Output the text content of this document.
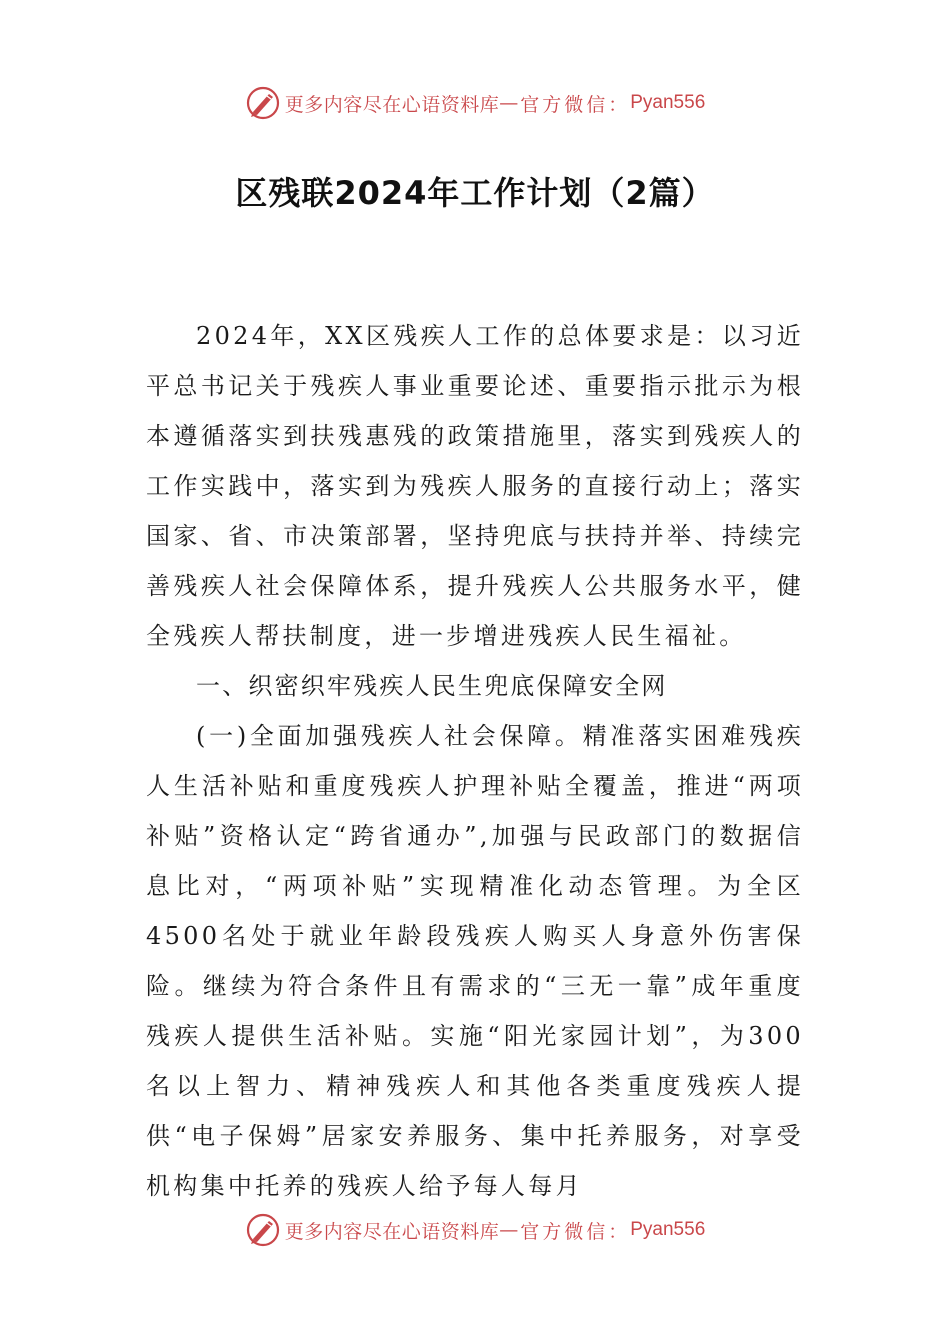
更多内容尽在心语资料库 — 官方微信： Pyan556
区残联2024年工作计划（2篇）

2024年，XX区残疾人工作的总体要求是：以习近平总书记关于残疾人事业重要论述、重要指示批示为根本遵循落实到扶残惠残的政策措施里，落实到残疾人的工作实践中，落实到为残疾人服务的直接行动上；落实国家、省、市决策部署，坚持兜底与扶持并举、持续完善残疾人社会保障体系，提升残疾人公共服务水平，健全残疾人帮扶制度，进一步增进残疾人民生福祉。

一、织密织牢残疾人民生兜底保障安全网

(一)全面加强残疾人社会保障。精准落实困难残疾人生活补贴和重度残疾人护理补贴全覆盖，推进“两项补贴”资格认定“跨省通办”,加强与民政部门的数据信息比对，“两项补贴”实现精准化动态管理。为全区4500名处于就业年龄段残疾人购买人身意外伤害保险。继续为符合条件且有需求的“三无一靠”成年重度残疾人提供生活补贴。实施“阳光家园计划”，为300名以上智力、精神残疾人和其他各类重度残疾人提供“电子保姆”居家安养服务、集中托养服务，对享受机构集中托养的残疾人给予每人每月

更多内容尽在心语资料库 — 官方微信： Pyan556
